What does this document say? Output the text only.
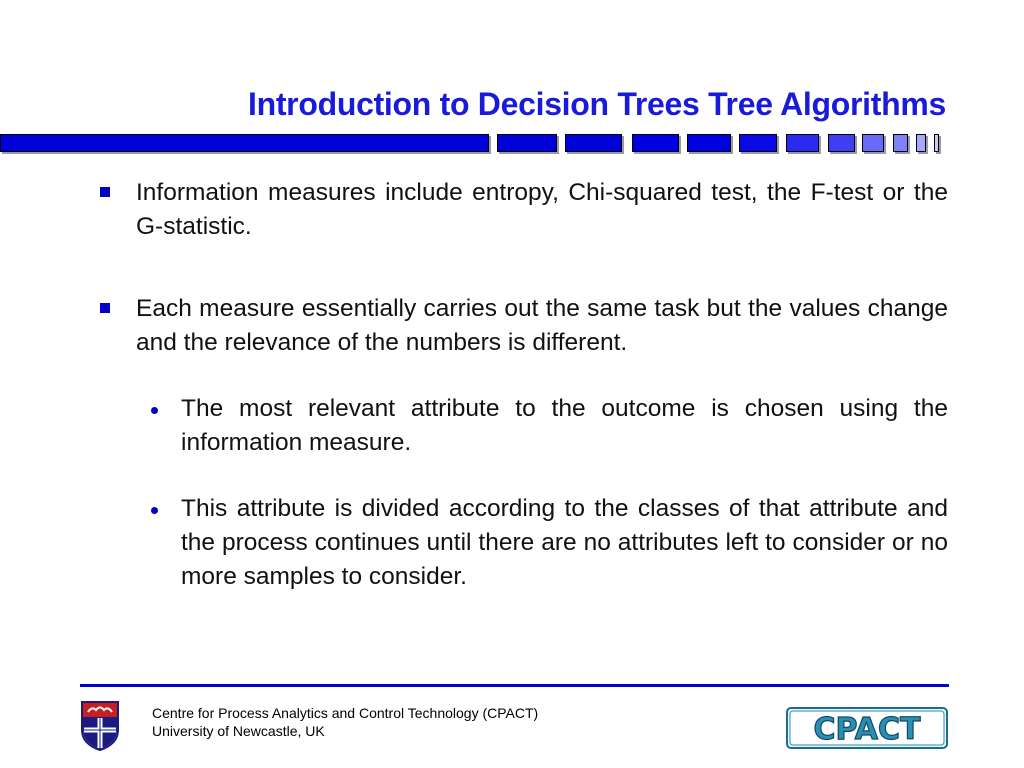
Introduction to Decision Trees Tree Algorithms

Information measures include entropy, Chi-squared test, the F-test or the G-statistic.

Each measure essentially carries out the same task but the values change and the relevance of the numbers is different.

The most relevant attribute to the outcome is chosen using the information measure.

This attribute is divided according to the classes of that attribute and the process continues until there are no attributes left to consider or no more samples to consider.

Centre for Process Analytics and Control Technology (CPACT)
University of Newcastle, UK	CPACT
